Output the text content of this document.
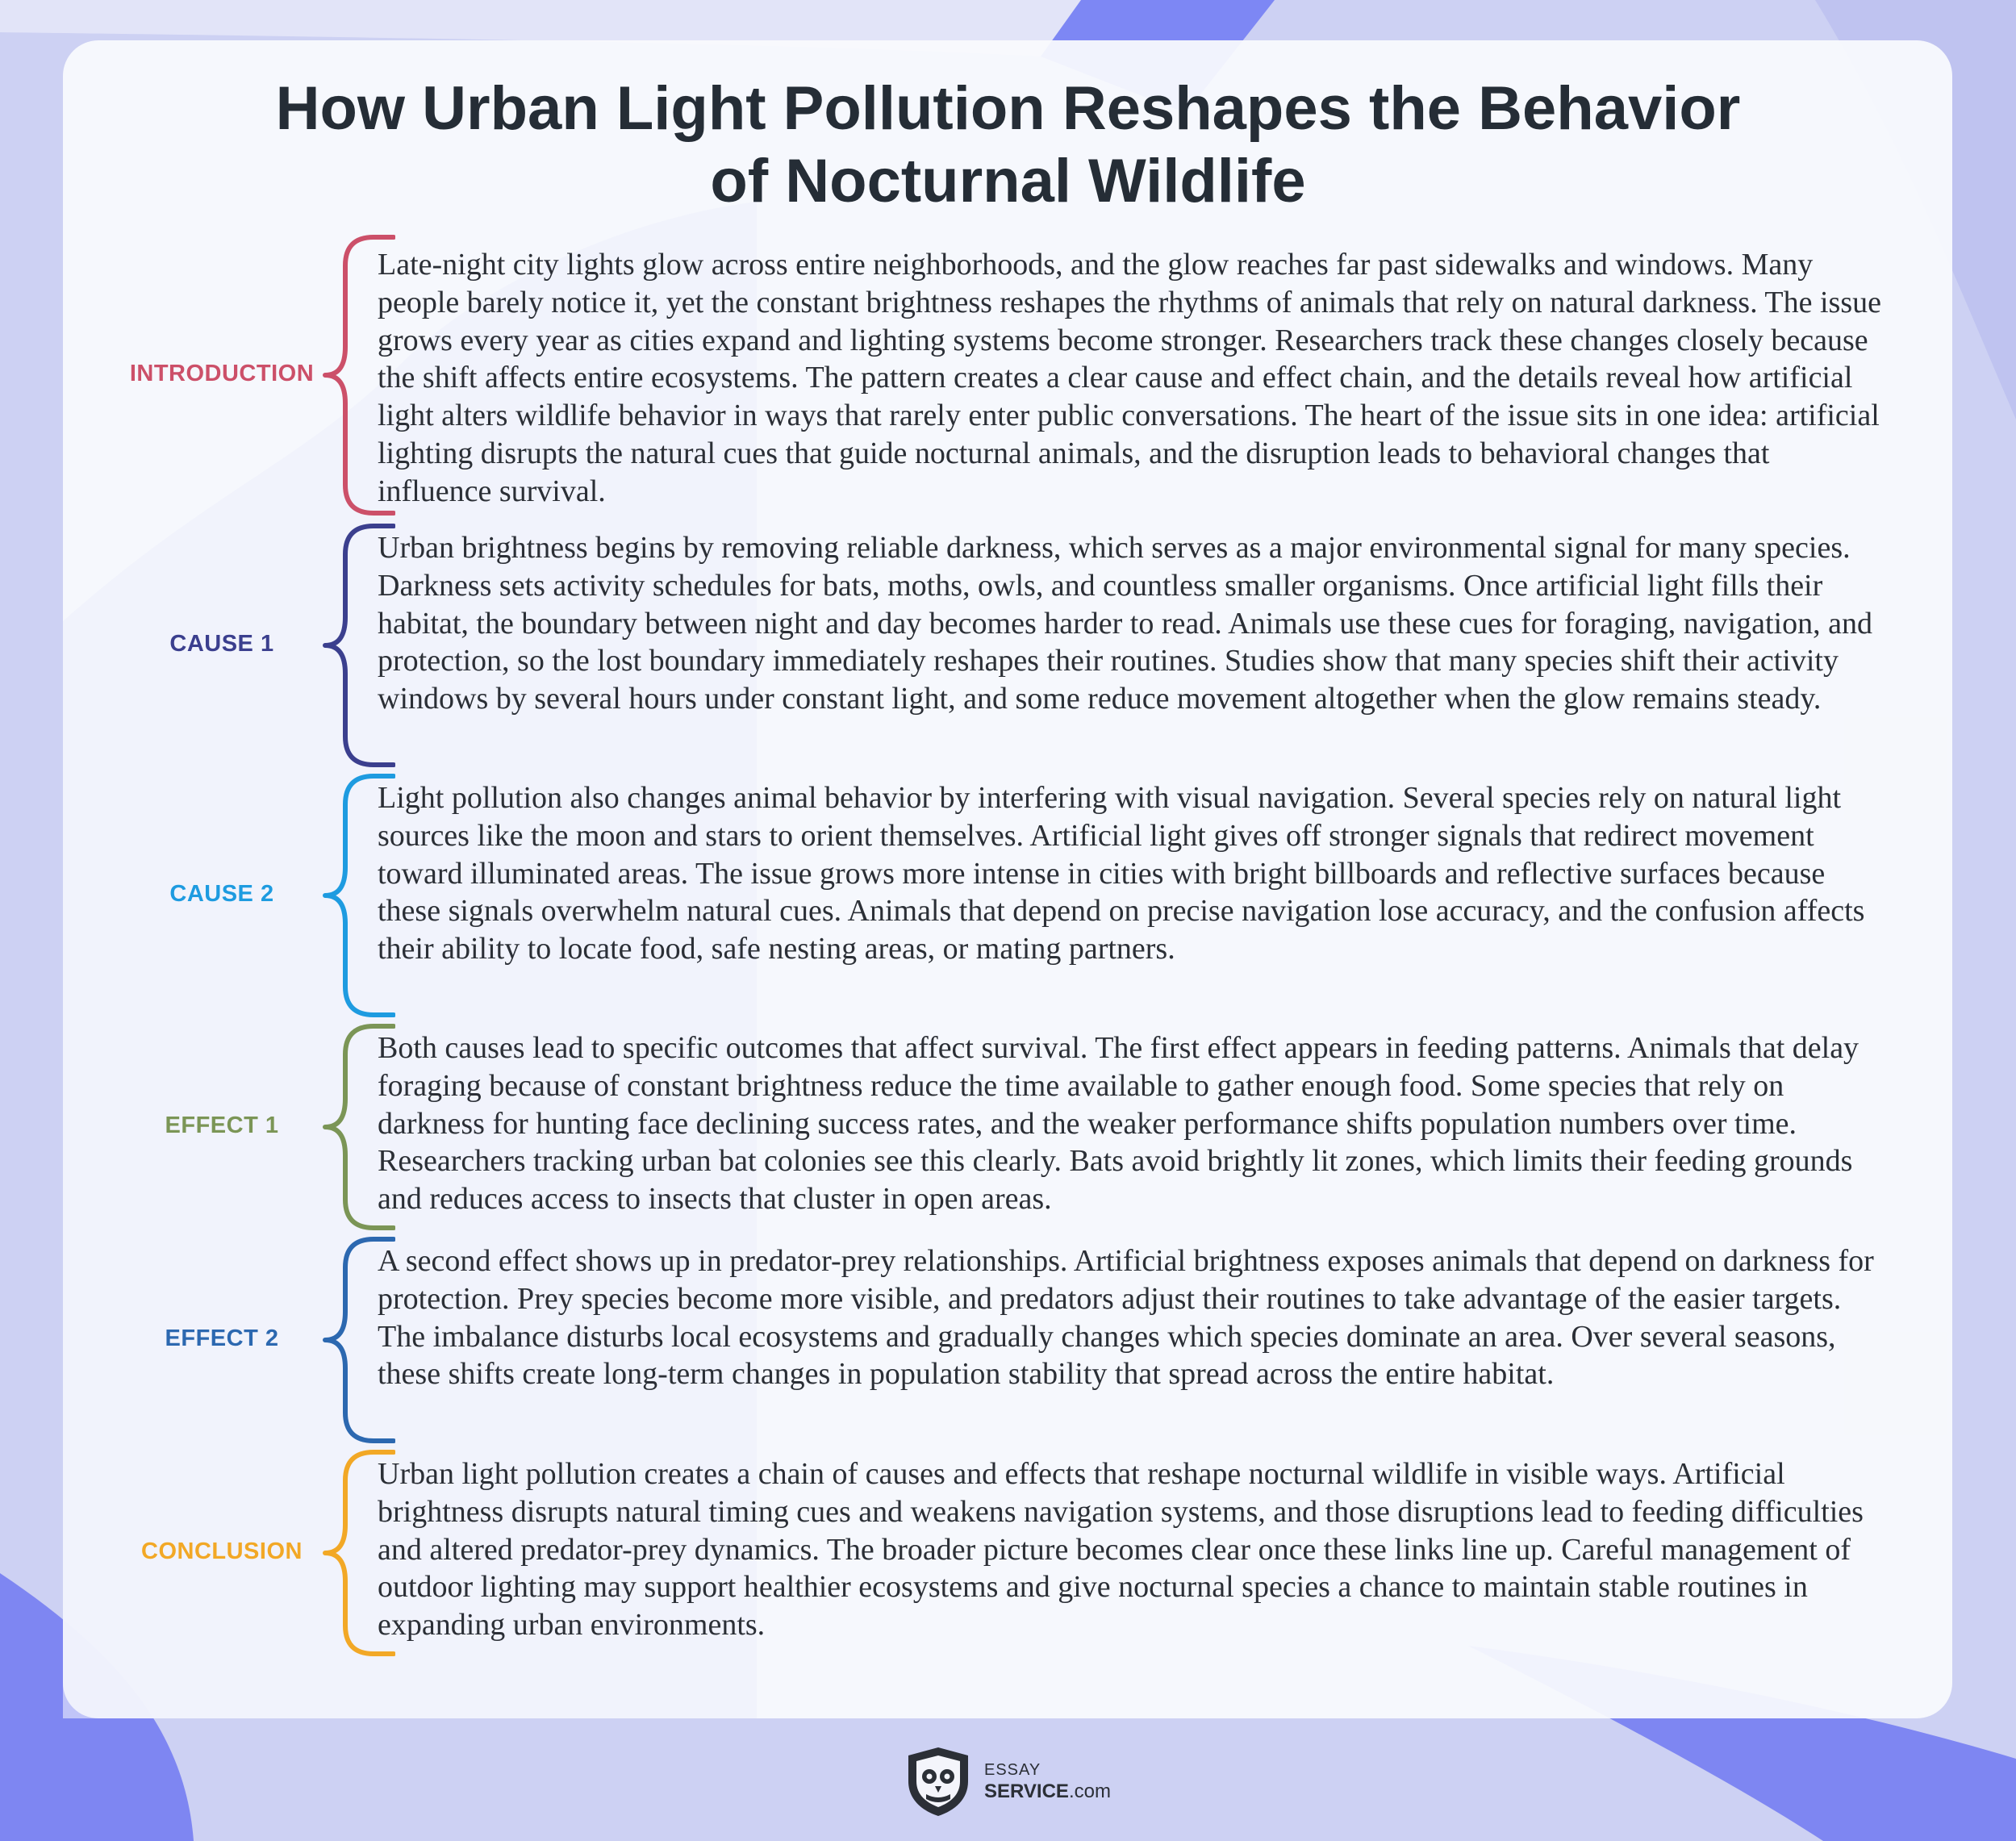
How Urban Light Pollution Reshapes the Behavior
of Nocturnal Wildlife
INTRODUCTION

Late-night city lights glow across entire neighborhoods, and the glow reaches far past sidewalks and windows. Many people barely notice it, yet the constant brightness reshapes the rhythms of animals that rely on natural darkness. The issue grows every year as cities expand and lighting systems become stronger. Researchers track these changes closely because the shift affects entire ecosystems. The pattern creates a clear cause and effect chain, and the details reveal how artificial light alters wildlife behavior in ways that rarely enter public conversations. The heart of the issue sits in one idea: artificial lighting disrupts the natural cues that guide nocturnal animals, and the disruption leads to behavioral changes that influence survival.

CAUSE 1

Urban brightness begins by removing reliable darkness, which serves as a major environmental signal for many species. Darkness sets activity schedules for bats, moths, owls, and countless smaller organisms. Once artificial light fills their habitat, the boundary between night and day becomes harder to read. Animals use these cues for foraging, navigation, and protection, so the lost boundary immediately reshapes their routines. Studies show that many species shift their activity windows by several hours under constant light, and some reduce movement altogether when the glow remains steady.

CAUSE 2

Light pollution also changes animal behavior by interfering with visual navigation. Several species rely on natural light sources like the moon and stars to orient themselves. Artificial light gives off stronger signals that redirect movement toward illuminated areas. The issue grows more intense in cities with bright billboards and reflective surfaces because these signals overwhelm natural cues. Animals that depend on precise navigation lose accuracy, and the confusion affects their ability to locate food, safe nesting areas, or mating partners.

EFFECT 1

Both causes lead to specific outcomes that affect survival. The first effect appears in feeding patterns. Animals that delay foraging because of constant brightness reduce the time available to gather enough food. Some species that rely on darkness for hunting face declining success rates, and the weaker performance shifts population numbers over time. Researchers tracking urban bat colonies see this clearly. Bats avoid brightly lit zones, which limits their feeding grounds and reduces access to insects that cluster in open areas.

EFFECT 2

A second effect shows up in predator-prey relationships. Artificial brightness exposes animals that depend on darkness for protection. Prey species become more visible, and predators adjust their routines to take advantage of the easier targets. The imbalance disturbs local ecosystems and gradually changes which species dominate an area. Over several seasons, these shifts create long-term changes in population stability that spread across the entire habitat.

CONCLUSION

Urban light pollution creates a chain of causes and effects that reshape nocturnal wildlife in visible ways. Artificial brightness disrupts natural timing cues and weakens navigation systems, and those disruptions lead to feeding difficulties and altered predator-prey dynamics. The broader picture becomes clear once these links line up. Careful management of outdoor lighting may support healthier ecosystems and give nocturnal species a chance to maintain stable routines in expanding urban environments.

ESSAY
SERVICE.com
